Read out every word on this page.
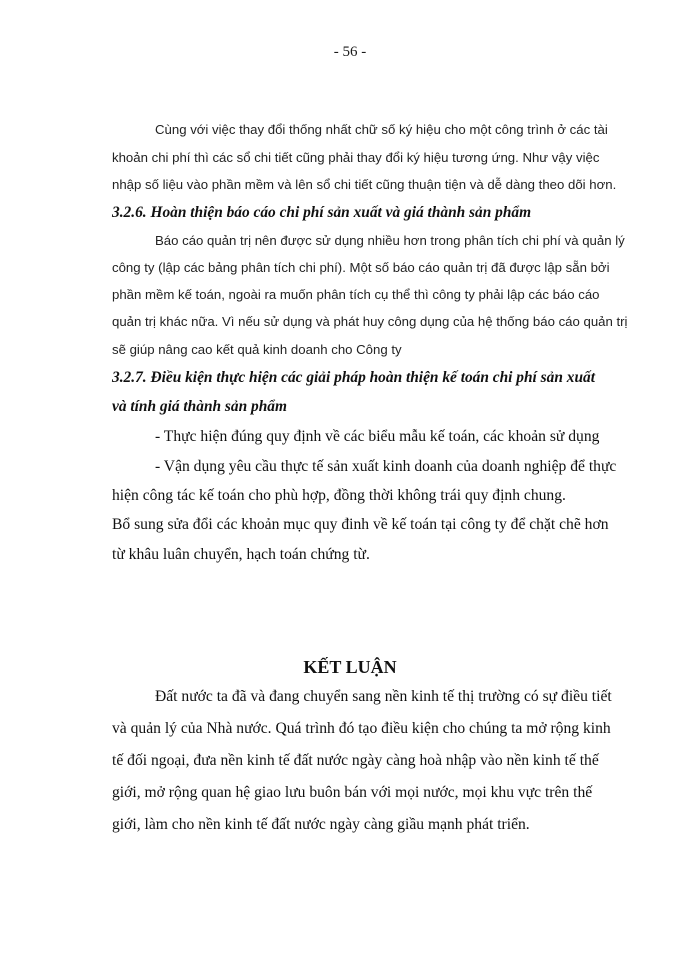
- 56 -
Cùng với việc thay đổi thống nhất chữ số ký hiệu cho một công trình ở các tài
khoản chi phí thì các sổ chi tiết cũng phải thay đổi ký hiệu tương ứng. Như vậy việc
nhập số liệu vào phần mềm và lên sổ chi tiết cũng thuận tiện và dễ dàng theo dõi hơn.
3.2.6. Hoàn thiện báo cáo chi phí sản xuất và giá thành sản phẩm
Báo cáo quản trị nên được sử dụng nhiều hơn trong phân tích chi phí và quản lý
công ty (lập các bảng phân tích chi phí). Một số báo cáo quản trị đã được lập sẵn bởi
phần mềm kế toán, ngoài ra muốn phân tích cụ thể thì công ty phải lập các báo cáo
quản trị khác nữa. Vì nếu sử dụng và phát huy công dụng của hệ thống báo cáo quản trị
sẽ giúp nâng cao kết quả kinh doanh cho Công ty
3.2.7. Điều kiện thực hiện các giải pháp hoàn thiện kế toán chi phí sản xuất
và tính giá thành sản phẩm
- Thực hiện đúng quy định về các biểu mẫu kế toán, các khoản sử dụng
- Vận dụng yêu cầu thực tế sản xuất kinh doanh của doanh nghiệp để thực
hiện công tác kế toán cho phù hợp, đồng thời không trái quy định chung.
Bổ sung sửa đổi các khoản mục quy đinh về kế toán tại công ty để chặt chẽ hơn
từ khâu luân chuyển, hạch toán chứng từ.
KẾT LUẬN
Đất nước ta đã và đang chuyển sang nền kinh tế thị trường có sự điều tiết
và quản lý của Nhà nước. Quá trình đó tạo điều kiện cho chúng ta mở rộng kinh
tế đối ngoại, đưa nền kinh tế đất nước ngày càng hoà nhập vào nền kinh tế thế
giới, mở rộng quan hệ giao lưu buôn bán với mọi nước, mọi khu vực trên thế
giới, làm cho nền kinh tế đất nước ngày càng giầu mạnh phát triển.
